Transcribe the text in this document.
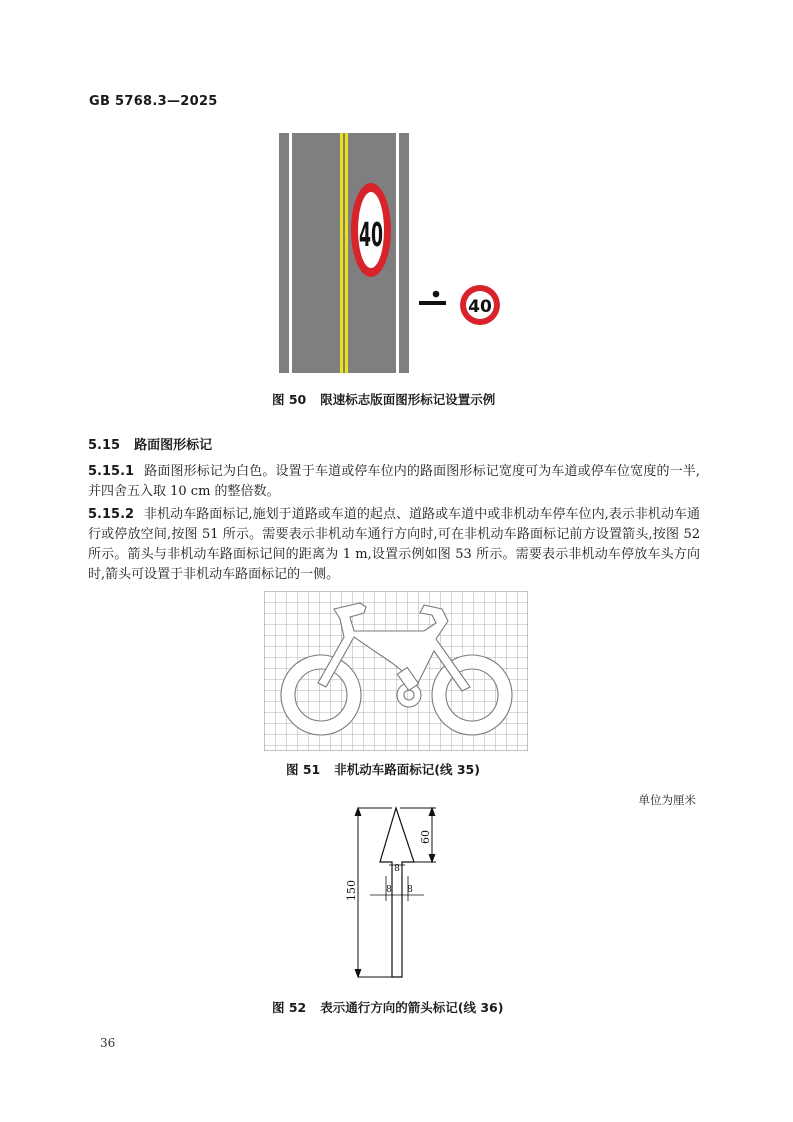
GB 5768.3—2025
40
40
图 50 限速标志版面图形标记设置示例
5.15 路面图形标记
5.15.1 路面图形标记为白色。设置于车道或停车位内的路面图形标记宽度可为车道或停车位宽度的一半,并四舍五入取 10 cm 的整倍数。
5.15.2 非机动车路面标记,施划于道路或车道的起点、道路或车道中或非机动车停车位内,表示非机动车通行或停放空间,按图 51 所示。需要表示非机动车通行方向时,可在非机动车路面标记前方设置箭头,按图 52 所示。箭头与非机动车路面标记间的距离为 1 m,设置示例如图 53 所示。需要表示非机动车停放车头方向时,箭头可设置于非机动车路面标记的一侧。
图 51 非机动车路面标记(线 35)
单位为厘米
150
60
8
8 8
图 52 表示通行方向的箭头标记(线 36)
36
